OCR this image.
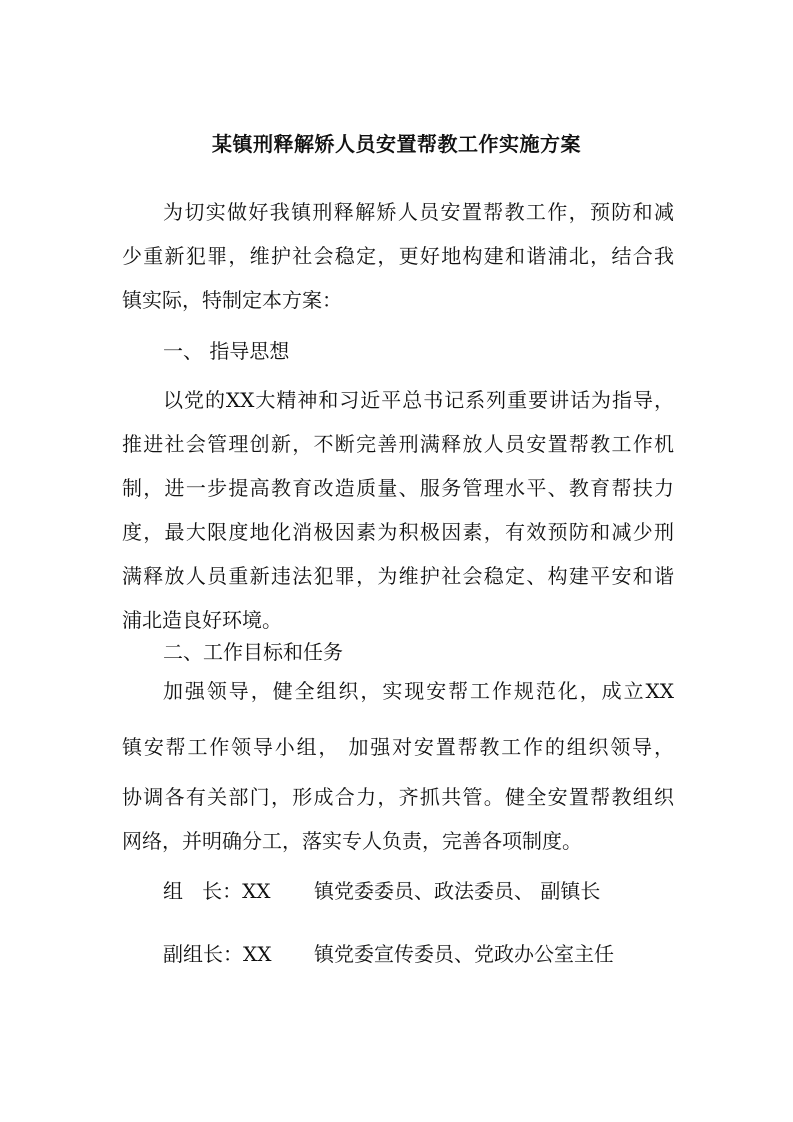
某镇刑释解矫人员安置帮教工作实施方案
为切实做好我镇刑释解矫人员安置帮教工作，预防和减
少重新犯罪，维护社会稳定，更好地构建和谐浦北，结合我
镇实际，特制定本方案：
一、 指导思想
以党的XX大精神和习近平总书记系列重要讲话为指导，
推进社会管理创新，不断完善刑满释放人员安置帮教工作机
制，进一步提高教育改造质量、服务管理水平、教育帮扶力
度，最大限度地化消极因素为积极因素，有效预防和减少刑
满释放人员重新违法犯罪，为维护社会稳定、构建平安和谐
浦北造良好环境。
二、工作目标和任务
加强领导，健全组织，实现安帮工作规范化，成立XX
镇安帮工作领导小组， 加强对安置帮教工作的组织领导，
协调各有关部门，形成合力，齐抓共管。健全安置帮教组织
网络，并明确分工，落实专人负责，完善各项制度。
组   长：XX 镇党委委员、政法委员、 副镇长
副组长：XX 镇党委宣传委员、党政办公室主任
